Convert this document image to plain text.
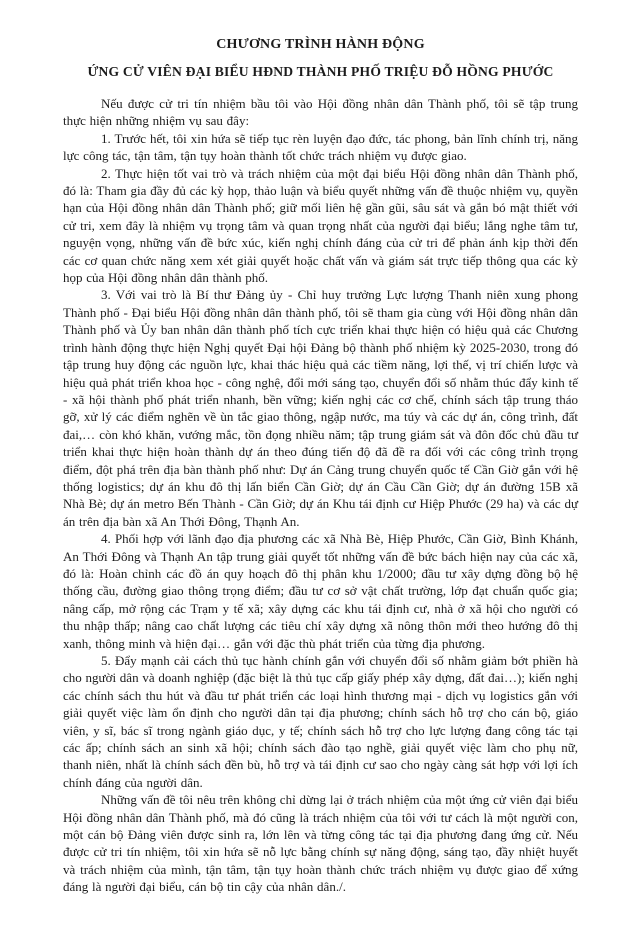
CHƯƠNG TRÌNH HÀNH ĐỘNG
ỨNG CỬ VIÊN ĐẠI BIỂU HĐND THÀNH PHỐ TRIỆU ĐỖ HỒNG PHƯỚC

Nếu được cử tri tín nhiệm bầu tôi vào Hội đồng nhân dân Thành phố, tôi sẽ tập trung thực hiện những nhiệm vụ sau đây:

1. Trước hết, tôi xin hứa sẽ tiếp tục rèn luyện đạo đức, tác phong, bản lĩnh chính trị, năng lực công tác, tận tâm, tận tụy hoàn thành tốt chức trách nhiệm vụ được giao.

2. Thực hiện tốt vai trò và trách nhiệm của một đại biểu Hội đồng nhân dân Thành phố, đó là: Tham gia đầy đủ các kỳ họp, thảo luận và biểu quyết những vấn đề thuộc nhiệm vụ, quyền hạn của Hội đồng nhân dân Thành phố; giữ mối liên hệ gần gũi, sâu sát và gắn bó mật thiết với cử tri, xem đây là nhiệm vụ trọng tâm và quan trọng nhất của người đại biểu; lắng nghe tâm tư, nguyện vọng, những vấn đề bức xúc, kiến nghị chính đáng của cử tri để phản ánh kịp thời đến các cơ quan chức năng xem xét giải quyết hoặc chất vấn và giám sát trực tiếp thông qua các kỳ họp của Hội đồng nhân dân thành phố.

3. Với vai trò là Bí thư Đảng ủy - Chỉ huy trưởng Lực lượng Thanh niên xung phong Thành phố - Đại biểu Hội đồng nhân dân thành phố, tôi sẽ tham gia cùng với Hội đồng nhân dân Thành phố và Ủy ban nhân dân thành phố tích cực triển khai thực hiện có hiệu quả các Chương trình hành động thực hiện Nghị quyết Đại hội Đảng bộ thành phố nhiệm kỳ 2025-2030, trong đó tập trung huy động các nguồn lực, khai thác hiệu quả các tiềm năng, lợi thế, vị trí chiến lược và hiệu quả phát triển khoa học - công nghệ, đổi mới sáng tạo, chuyển đổi số nhằm thúc đẩy kinh tế - xã hội thành phố phát triển nhanh, bền vững; kiến nghị các cơ chế, chính sách tập trung tháo gỡ, xử lý các điểm nghẽn về ùn tắc giao thông, ngập nước, ma túy và các dự án, công trình, đất đai,… còn khó khăn, vướng mắc, tồn đọng nhiều năm; tập trung giám sát và đôn đốc chủ đầu tư triển khai thực hiện hoàn thành dự án theo đúng tiến độ đã đề ra đối với các công trình trọng điểm, đột phá trên địa bàn thành phố như: Dự án Cảng trung chuyển quốc tế Cần Giờ gắn với hệ thống logistics; dự án khu đô thị lấn biển Cần Giờ; dự án Cầu Cần Giờ; dự án đường 15B xã Nhà Bè; dự án metro Bến Thành - Cần Giờ; dự án Khu tái định cư Hiệp Phước (29 ha) và các dự án trên địa bàn xã An Thới Đông, Thạnh An.

4. Phối hợp với lãnh đạo địa phương các xã Nhà Bè, Hiệp Phước, Cần Giờ, Bình Khánh, An Thới Đông và Thạnh An tập trung giải quyết tốt những vấn đề bức bách hiện nay của các xã, đó là: Hoàn chỉnh các đồ án quy hoạch đô thị phân khu 1/2000; đầu tư xây dựng đồng bộ hệ thống cầu, đường giao thông trọng điểm; đầu tư cơ sở vật chất trường, lớp đạt chuẩn quốc gia; nâng cấp, mở rộng các Trạm y tế xã; xây dựng các khu tái định cư, nhà ở xã hội cho người có thu nhập thấp; nâng cao chất lượng các tiêu chí xây dựng xã nông thôn mới theo hướng đô thị xanh, thông minh và hiện đại… gắn với đặc thù phát triển của từng địa phương.

5. Đẩy mạnh cải cách thủ tục hành chính gắn với chuyển đổi số nhằm giảm bớt phiền hà cho người dân và doanh nghiệp (đặc biệt là thủ tục cấp giấy phép xây dựng, đất đai…); kiến nghị các chính sách thu hút và đầu tư phát triển các loại hình thương mại - dịch vụ logistics gắn với giải quyết việc làm ổn định cho người dân tại địa phương; chính sách hỗ trợ cho cán bộ, giáo viên, y sĩ, bác sĩ trong ngành giáo dục, y tế; chính sách hỗ trợ cho lực lượng đang công tác tại các ấp; chính sách an sinh xã hội; chính sách đào tạo nghề, giải quyết việc làm cho phụ nữ, thanh niên, nhất là chính sách đền bù, hỗ trợ và tái định cư sao cho ngày càng sát hợp với lợi ích chính đáng của người dân.

Những vấn đề tôi nêu trên không chỉ dừng lại ở trách nhiệm của một ứng cử viên đại biểu Hội đồng nhân dân Thành phố, mà đó cũng là trách nhiệm của tôi với tư cách là một người con, một cán bộ Đảng viên được sinh ra, lớn lên và từng công tác tại địa phương đang ứng cử. Nếu được cử tri tín nhiệm, tôi xin hứa sẽ nỗ lực bằng chính sự năng động, sáng tạo, đầy nhiệt huyết và trách nhiệm của mình, tận tâm, tận tụy hoàn thành chức trách nhiệm vụ được giao để xứng đáng là người đại biểu, cán bộ tin cậy của nhân dân./.
